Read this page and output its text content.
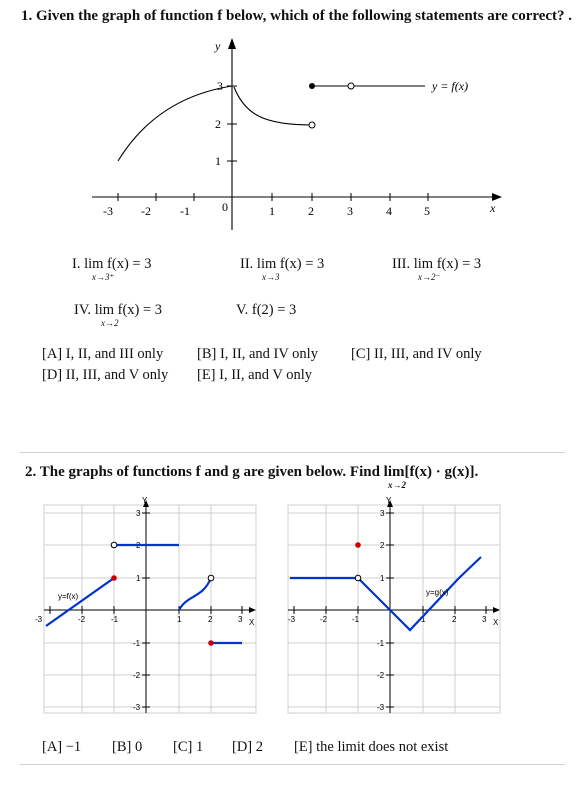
1. Given the graph of function f below, which of the following statements are correct? .
y
x
-3 -2 -1	0	1	2	3	4	5
1
2
3	y = f(x)
I. lim f(x) = 3
x→3⁺
II. lim f(x) = 3
x→3
III. lim f(x) = 3
x→2⁻
IV. lim f(x) = 3
x→2
V. f(2) = 3
[A] I, II, and III only [B] I, II, and IV only [C] II, III, and IV only
[D] II, III, and V only [E] I, II, and V only
2. The graphs of functions f and g are given below. Find lim[f(x) · g(x)].
x→2
Y
X
-3	-2	-1	1	2	3
3
2
1
-1
-2
-3
y=f(x)
Y
X
-3	-2	-1	1	2	3
3
2
1
-1
-2
-3
y=g(x)
[A] −1 [B] 0 [C] 1 [D] 2 [E] the limit does not exist
